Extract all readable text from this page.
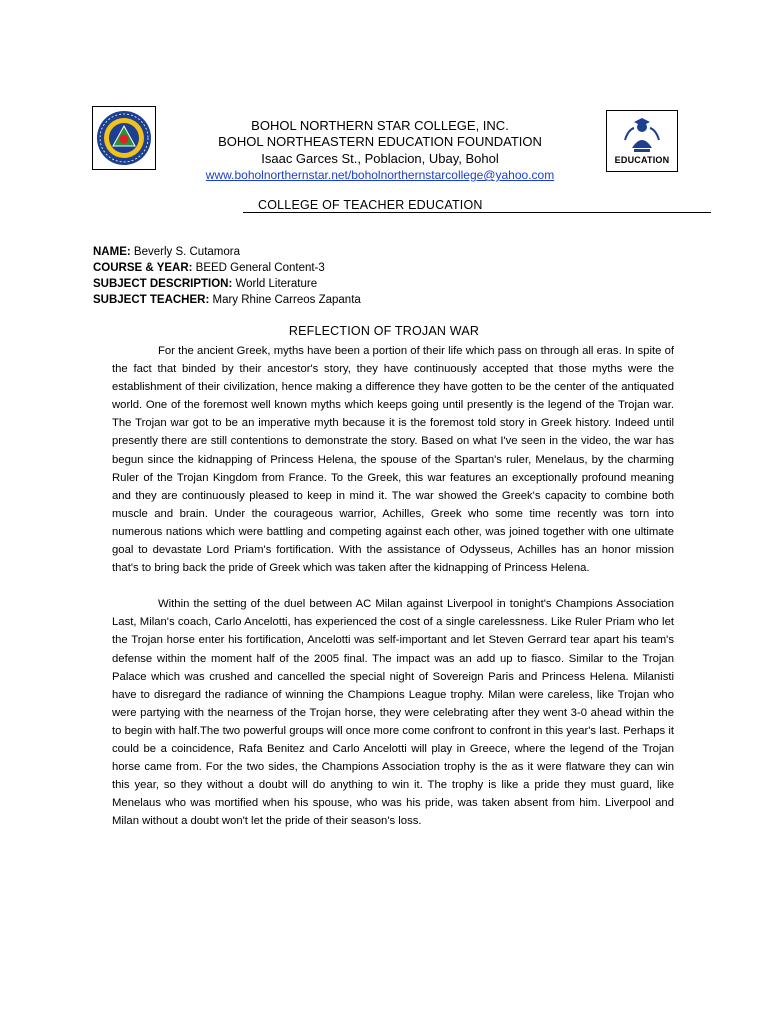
EDUCATION
BOHOL NORTHERN STAR COLLEGE, INC.
BOHOL NORTHEASTERN EDUCATION FOUNDATION
Isaac Garces St., Poblacion, Ubay, Bohol
www.boholnorthernstar.net/boholnorthernstarcollege@yahoo.com
COLLEGE OF TEACHER EDUCATION
NAME: Beverly S. Cutamora
COURSE & YEAR: BEED General Content-3
SUBJECT DESCRIPTION: World Literature
SUBJECT TEACHER: Mary Rhine Carreos Zapanta
REFLECTION OF TROJAN WAR

For the ancient Greek, myths have been a portion of their life which pass on through all eras. In spite of the fact that binded by their ancestor's story, they have continuously accepted that those myths were the establishment of their civilization, hence making a difference they have gotten to be the center of the antiquated world. One of the foremost well known myths which keeps going until presently is the legend of the Trojan war. The Trojan war got to be an imperative myth because it is the foremost told story in Greek history. Indeed until presently there are still contentions to demonstrate the story. Based on what I've seen in the video, the war has begun since the kidnapping of Princess Helena, the spouse of the Spartan's ruler, Menelaus, by the charming Ruler of the Trojan Kingdom from France. To the Greek, this war features an exceptionally profound meaning and they are continuously pleased to keep in mind it. The war showed the Greek's capacity to combine both muscle and brain. Under the courageous warrior, Achilles, Greek who some time recently was torn into numerous nations which were battling and competing against each other, was joined together with one ultimate goal to devastate Lord Priam's fortification. With the assistance of Odysseus, Achilles has an honor mission that's to bring back the pride of Greek which was taken after the kidnapping of Princess Helena.

Within the setting of the duel between AC Milan against Liverpool in tonight's Champions Association Last, Milan's coach, Carlo Ancelotti, has experienced the cost of a single carelessness. Like Ruler Priam who let the Trojan horse enter his fortification, Ancelotti was self-important and let Steven Gerrard tear apart his team's defense within the moment half of the 2005 final. The impact was an add up to fiasco. Similar to the Trojan Palace which was crushed and cancelled the special night of Sovereign Paris and Princess Helena. Milanisti have to disregard the radiance of winning the Champions League trophy. Milan were careless, like Trojan who were partying with the nearness of the Trojan horse, they were celebrating after they went 3-0 ahead within the to begin with half.The two powerful groups will once more come confront to confront in this year's last. Perhaps it could be a coincidence, Rafa Benitez and Carlo Ancelotti will play in Greece, where the legend of the Trojan horse came from. For the two sides, the Champions Association trophy is the as it were flatware they can win this year, so they without a doubt will do anything to win it. The trophy is like a pride they must guard, like Menelaus who was mortified when his spouse, who was his pride, was taken absent from him. Liverpool and Milan without a doubt won't let the pride of their season's loss.
